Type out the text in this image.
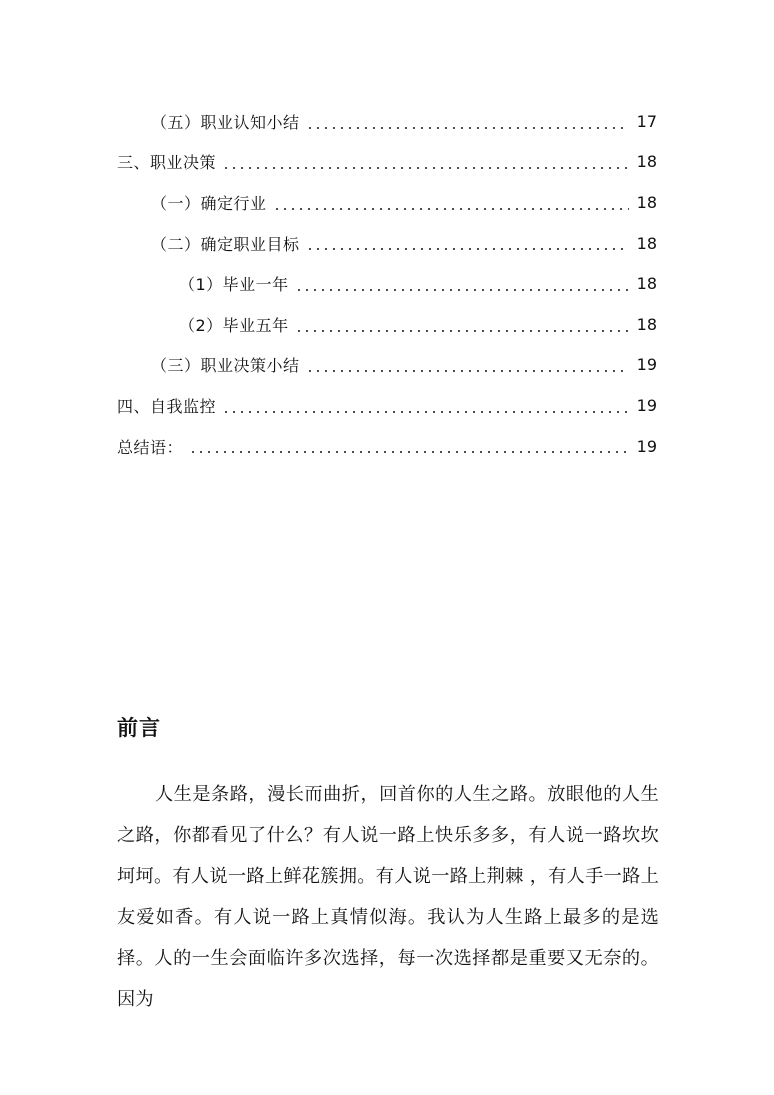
（五）职业认知小结	17
三、职业决策	18
（一）确定行业	18
（二）确定职业目标	18
（1）毕业一年	18
（2）毕业五年	18
（三）职业决策小结	19
四、自我监控	19
总结语：	19
前言

人生是条路，漫长而曲折，回首你的人生之路。放眼他的人生之路，你都看见了什么？有人说一路上快乐多多，有人说一路坎坎坷坷。有人说一路上鲜花簇拥。有人说一路上荆棘 ，有人手一路上友爱如香。有人说一路上真情似海。我认为人生路上最多的是选择。人的一生会面临许多次选择，每一次选择都是重要又无奈的。因为
